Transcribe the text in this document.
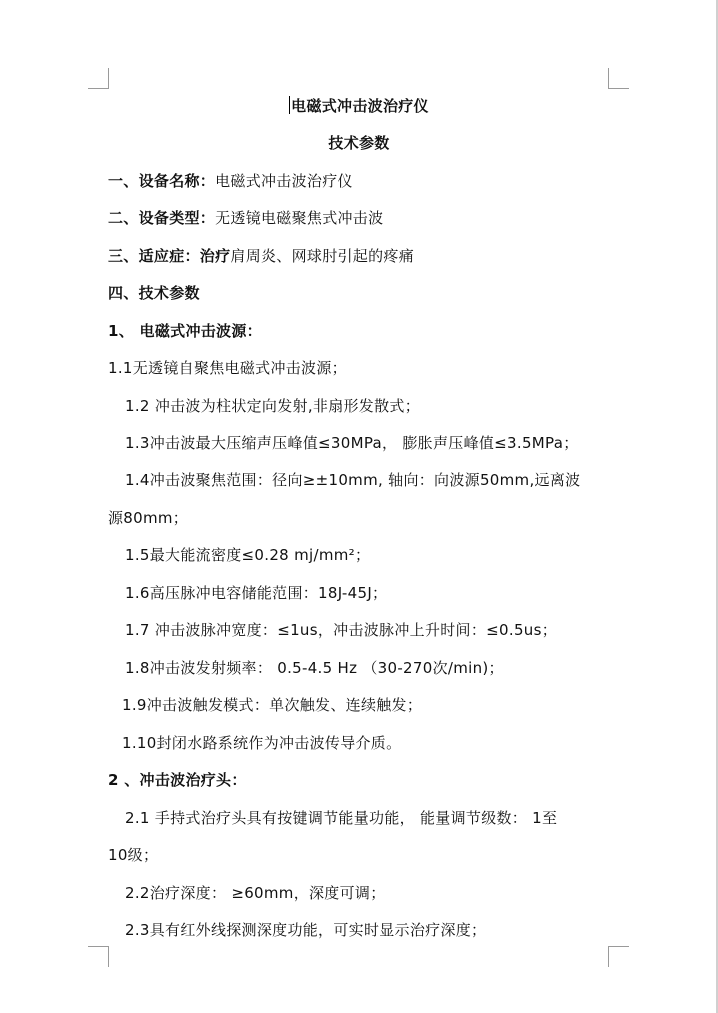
电磁式冲击波治疗仪
技术参数
一、设备名称：电磁式冲击波治疗仪
二、设备类型：无透镜电磁聚焦式冲击波
三、适应症：治疗肩周炎、网球肘引起的疼痛
四、技术参数
1、 电磁式冲击波源：
1.1无透镜自聚焦电磁式冲击波源；
1.2 冲击波为柱状定向发射,非扇形发散式；
1.3冲击波最大压缩声压峰值≤30MPa， 膨胀声压峰值≤3.5MPa；
1.4冲击波聚焦范围：径向≥±10mm, 轴向：向波源50mm,远离波
源80mm；
1.5最大能流密度≤0.28 mj/mm²；
1.6高压脉冲电容储能范围：18J-45J；
1.7 冲击波脉冲宽度：≤1us，冲击波脉冲上升时间：≤0.5us；
1.8冲击波发射频率： 0.5-4.5 Hz （30-270次/min)；
1.9冲击波触发模式：单次触发、连续触发；
1.10封闭水路系统作为冲击波传导介质。
2 、冲击波治疗头：
2.1 手持式治疗头具有按键调节能量功能， 能量调节级数： 1至
10级；
2.2治疗深度： ≥60mm，深度可调；
2.3具有红外线探测深度功能，可实时显示治疗深度；
